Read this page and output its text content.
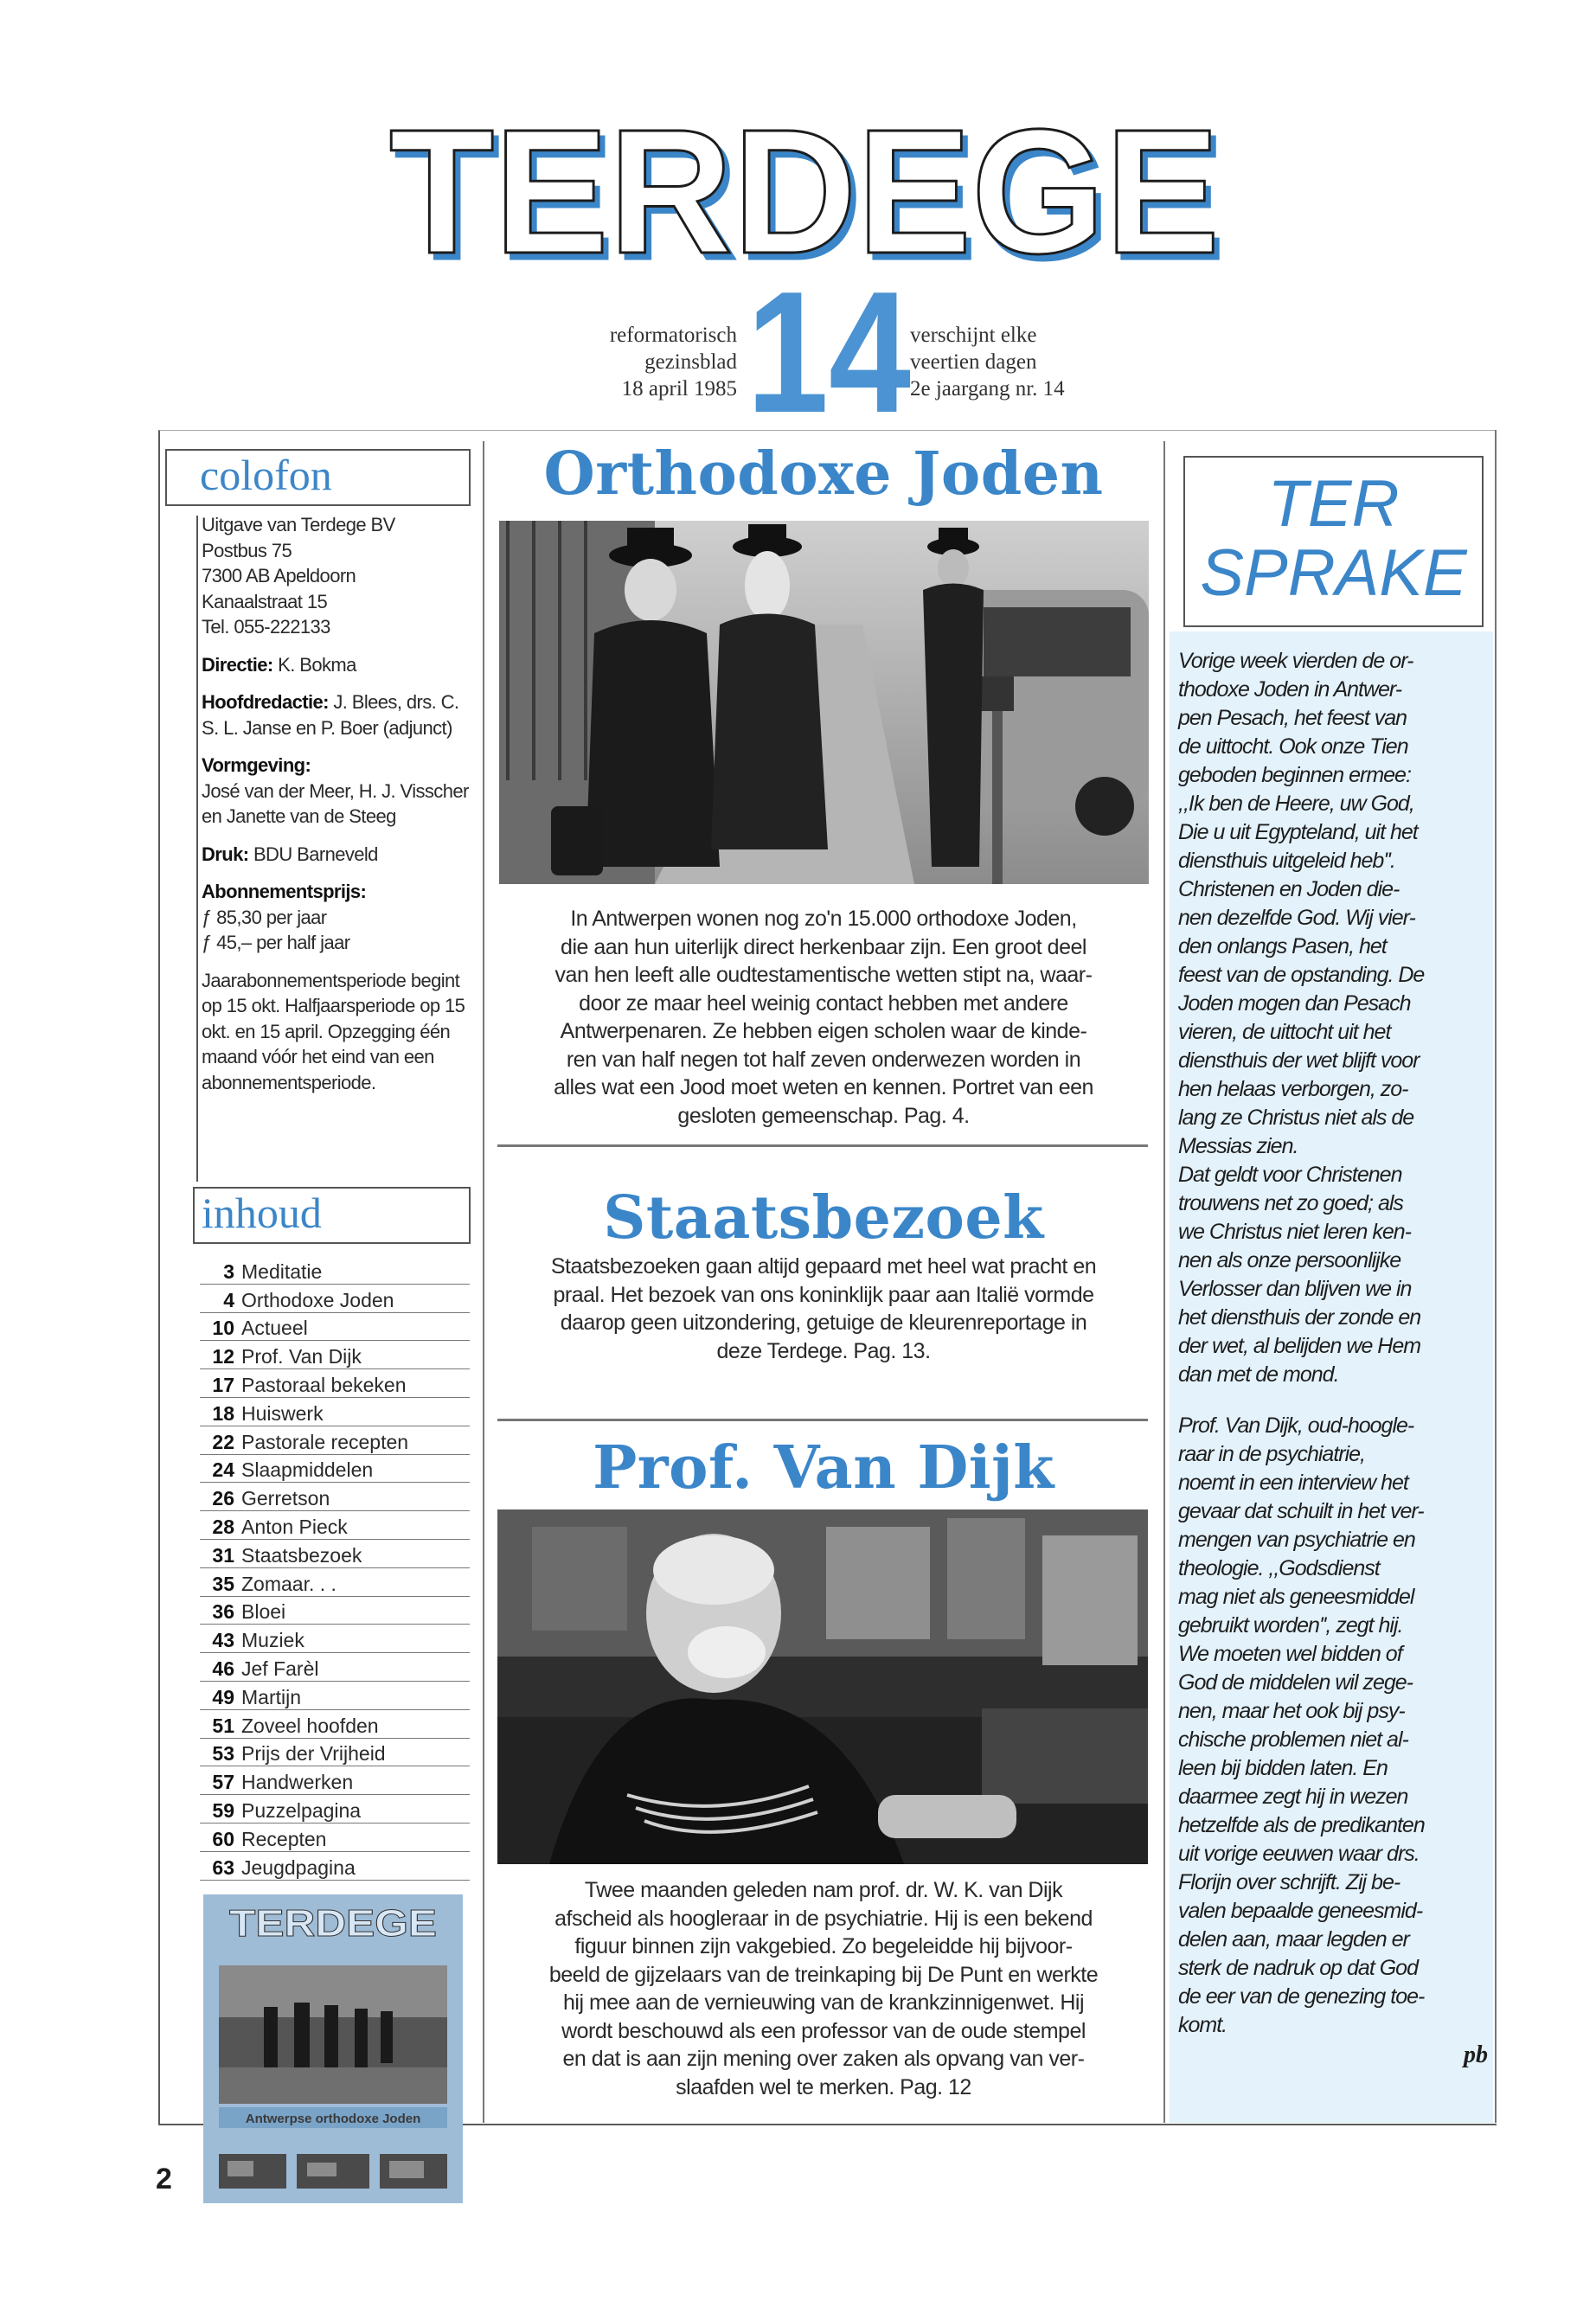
TERDEGE
reformatorisch
gezinsblad
18 april 1985 14 verschijnt elke
veertien dagen
2e jaargang nr. 14
colofon
Uitgave van Terdege BV
Postbus 75
7300 AB Apeldoorn
Kanaalstraat 15
Tel. 055-222133
Directie: K. Bokma
Hoofdredactie: J. Blees, drs. C. S. L. Janse en P. Boer (adjunct)
Vormgeving:
José van der Meer, H. J. Visscher en Janette van de Steeg
Druk: BDU Barneveld
Abonnementsprijs:
ƒ 85,30 per jaar
ƒ 45,– per half jaar
Jaarabonnementsperiode begint op 15 okt. Halfjaarsperiode op 15 okt. en 15 april. Opzegging één maand vóór het eind van een abonnementsperiode.
inhoud
3 Meditatie
4 Orthodoxe Joden
10 Actueel
12 Prof. Van Dijk
17 Pastoraal bekeken
18 Huiswerk
22 Pastorale recepten
24 Slaapmiddelen
26 Gerretson
28 Anton Pieck
31 Staatsbezoek
35 Zomaar. . .
36 Bloei
43 Muziek
46 Jef Farèl
49 Martijn
51 Zoveel hoofden
53 Prijs der Vrijheid
57 Handwerken
59 Puzzelpagina
60 Recepten
63 Jeugdpagina
TERDEGE
Antwerpse orthodoxe Joden
Orthodoxe Joden
In Antwerpen wonen nog zo'n 15.000 orthodoxe Joden,
die aan hun uiterlijk direct herkenbaar zijn. Een groot deel
van hen leeft alle oudtestamentische wetten stipt na, waar-
door ze maar heel weinig contact hebben met andere
Antwerpenaren. Ze hebben eigen scholen waar de kinde-
ren van half negen tot half zeven onderwezen worden in
alles wat een Jood moet weten en kennen. Portret van een
gesloten gemeenschap. Pag. 4.
Staatsbezoek
Staatsbezoeken gaan altijd gepaard met heel wat pracht en
praal. Het bezoek van ons koninklijk paar aan Italië vormde
daarop geen uitzondering, getuige de kleurenreportage in
deze Terdege. Pag. 13.
Prof. Van Dijk
Twee maanden geleden nam prof. dr. W. K. van Dijk
afscheid als hoogleraar in de psychiatrie. Hij is een bekend
figuur binnen zijn vakgebied. Zo begeleidde hij bijvoor-
beeld de gijzelaars van de treinkaping bij De Punt en werkte
hij mee aan de vernieuwing van de krankzinnigenwet. Hij
wordt beschouwd als een professor van de oude stempel
en dat is aan zijn mening over zaken als opvang van ver-
slaafden wel te merken. Pag. 12
TER
SPRAKE
Vorige week vierden de or-
thodoxe Joden in Antwer-
pen Pesach, het feest van
de uittocht. Ook onze Tien
geboden beginnen ermee:
,,Ik ben de Heere, uw God,
Die u uit Egypteland, uit het
diensthuis uitgeleid heb''.
Christenen en Joden die-
nen dezelfde God. Wij vier-
den onlangs Pasen, het
feest van de opstanding. De
Joden mogen dan Pesach
vieren, de uittocht uit het
diensthuis der wet blijft voor
hen helaas verborgen, zo-
lang ze Christus niet als de
Messias zien.
Dat geldt voor Christenen
trouwens net zo goed; als
we Christus niet leren ken-
nen als onze persoonlijke
Verlosser dan blijven we in
het diensthuis der zonde en
der wet, al belijden we Hem
dan met de mond.
Prof. Van Dijk, oud-hoogle-
raar in de psychiatrie,
noemt in een interview het
gevaar dat schuilt in het ver-
mengen van psychiatrie en
theologie. ,,Godsdienst
mag niet als geneesmiddel
gebruikt worden'', zegt hij.
We moeten wel bidden of
God de middelen wil zege-
nen, maar het ook bij psy-
chische problemen niet al-
leen bij bidden laten. En
daarmee zegt hij in wezen
hetzelfde als de predikanten
uit vorige eeuwen waar drs.
Florijn over schrijft. Zij be-
valen bepaalde geneesmid-
delen aan, maar legden er
sterk de nadruk op dat God
de eer van de genezing toe-
komt.
pb
2
